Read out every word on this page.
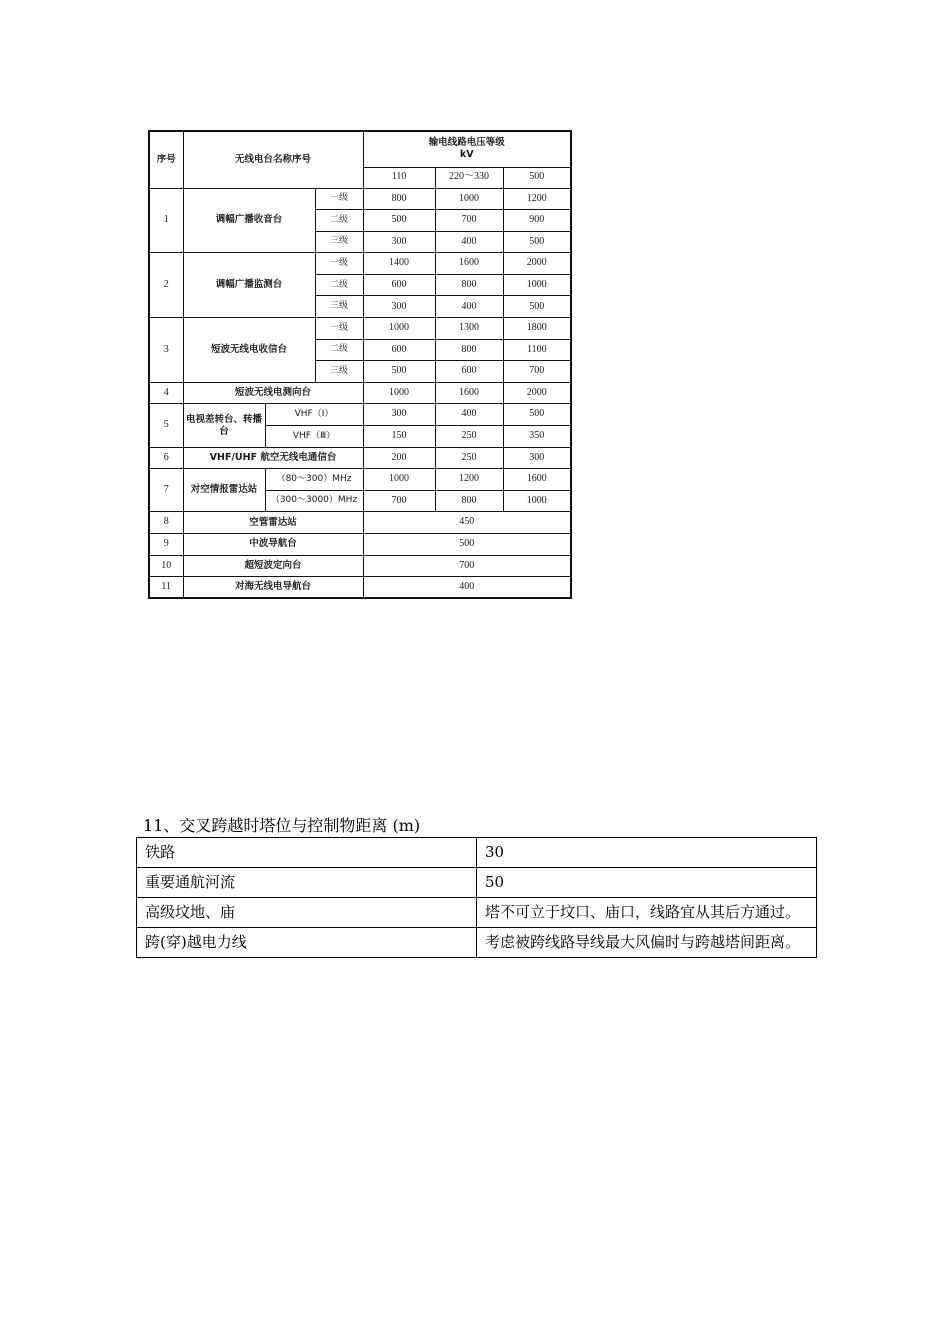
序号	无线电台名称序号			输电线路电压等级
kV		

				110	220～330	500
1	调幅广播收音台		一级	800	1000	1200
			二级	500	700	900
			三级	300	400	500
2	调幅广播监测台		一级	1400	1600	2000
			二级	600	800	1000
			三级	300	400	500
3	短波无线电收信台		一级	1000	1300	1800
			二级	600	800	1100
			三级	500	600	700
4	短波无线电测向台			1000	1600	2000
5	电视差转台、转播台	VHF（Ⅰ）		300	400	500
		VHF（Ⅲ）		150	250	350
6	VHF/UHF 航空无线电通信台			200	250	300
7	对空情报雷达站	（80～300）MHz		1000	1200	1600
		（300～3000）MHz		700	800	1000
8	空管雷达站			450		
9	中波导航台			500		
10	超短波定向台			700		
11	对海无线电导航台			400		
11、交叉跨越时塔位与控制物距离 (m)
铁路	30
重要通航河流	50
高级坟地、庙	塔不可立于坟口、庙口，线路宜从其后方通过。
跨(穿)越电力线	考虑被跨线路导线最大风偏时与跨越塔间距离。
